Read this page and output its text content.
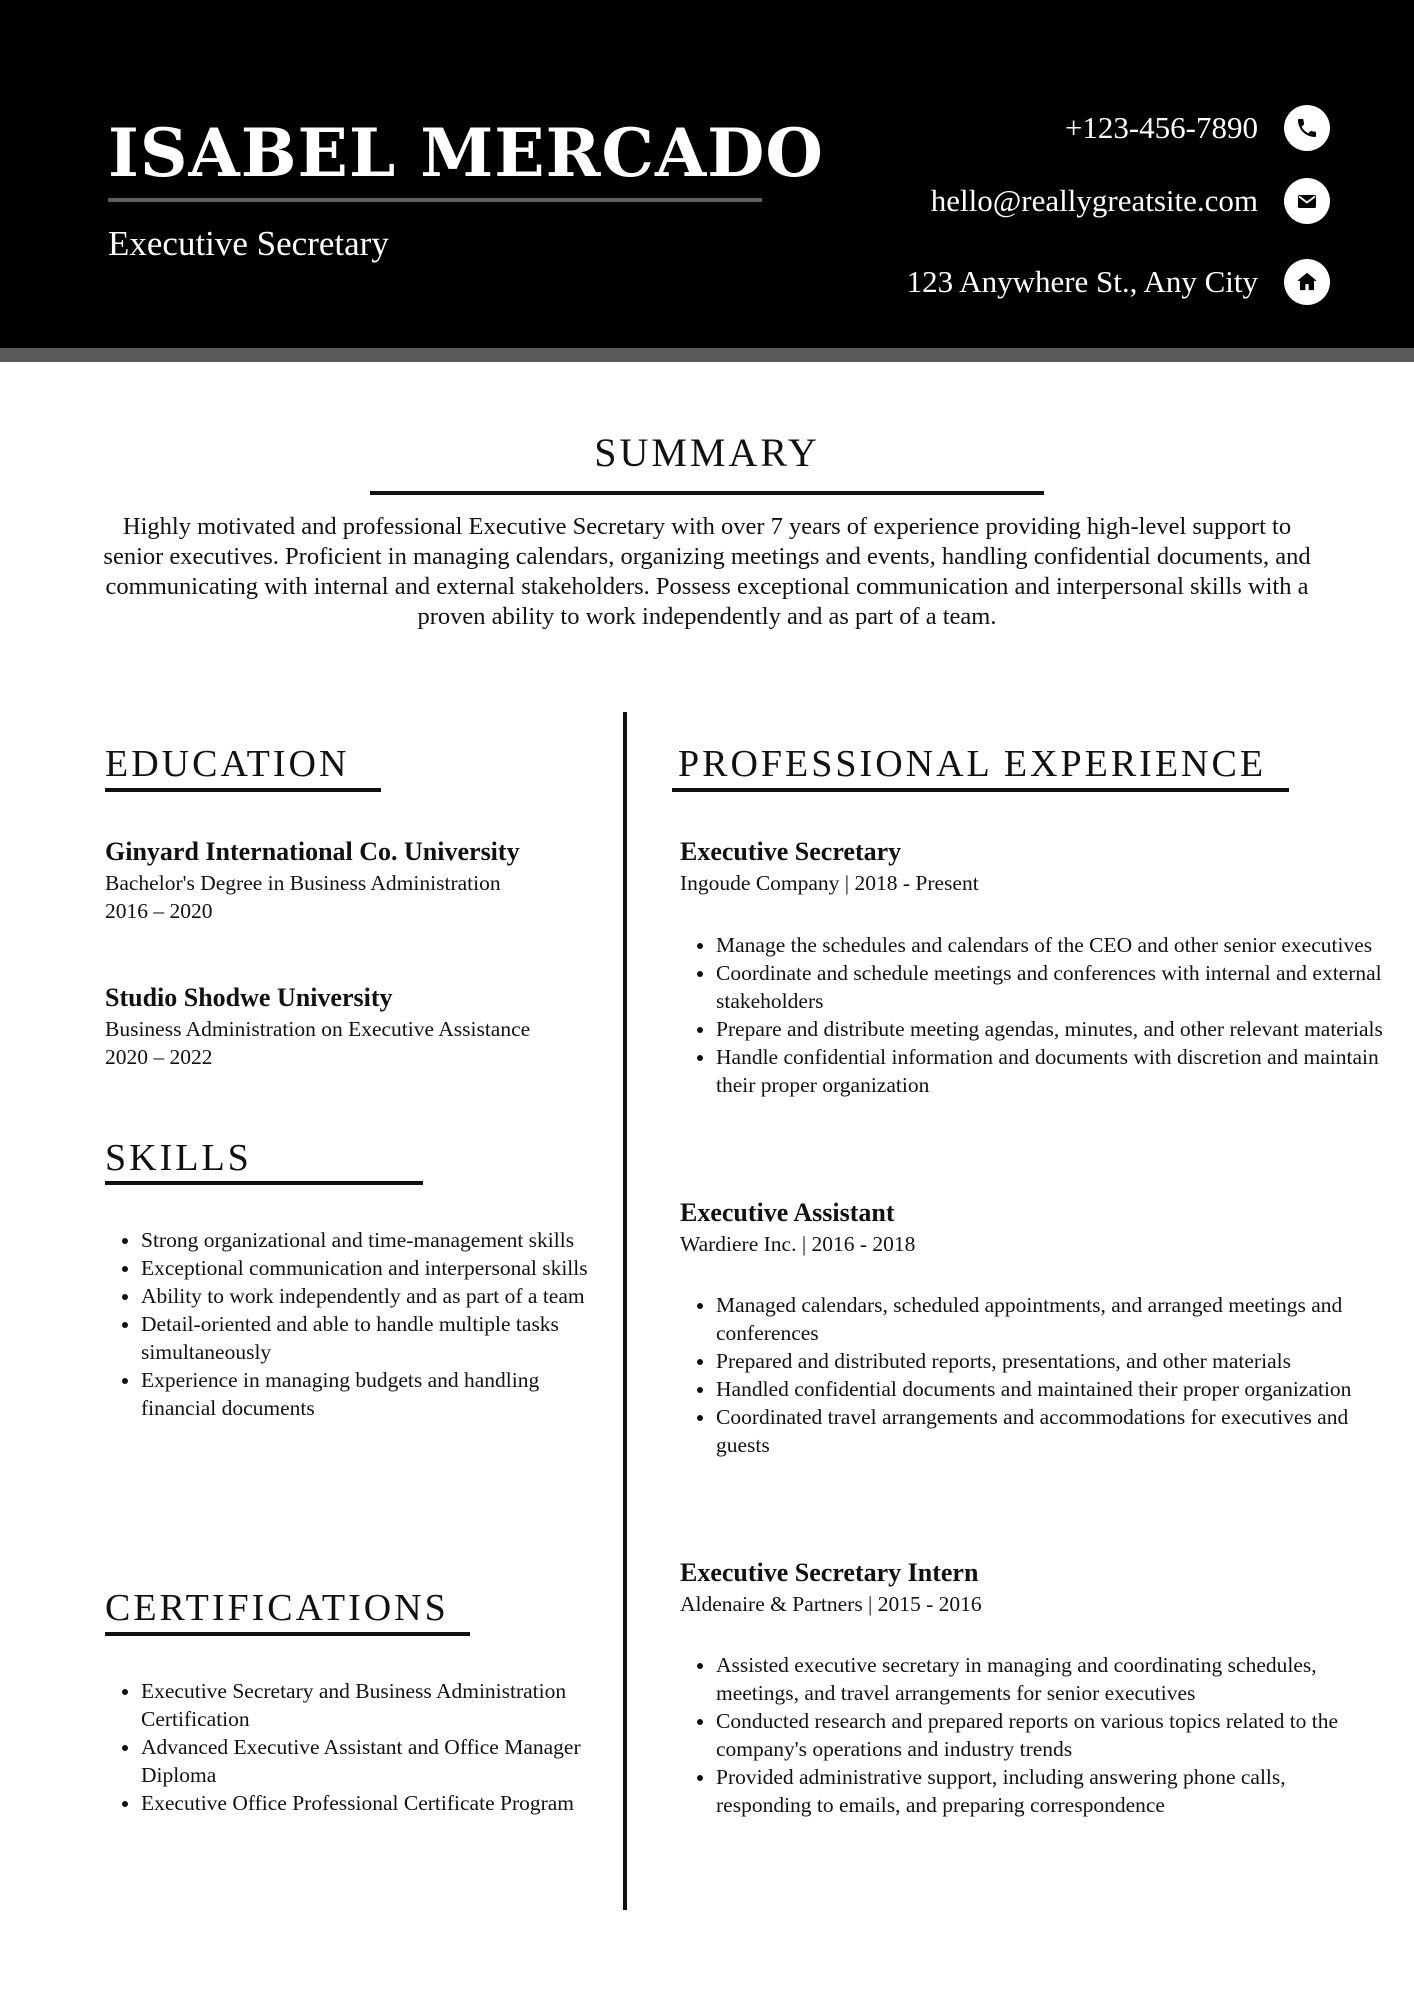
ISABEL MERCADO
Executive Secretary
+123-456-7890
hello@reallygreatsite.com
123 Anywhere St., Any City
SUMMARY

Highly motivated and professional Executive Secretary with over 7 years of experience providing high-level support to senior executives. Proficient in managing calendars, organizing meetings and events, handling confidential documents, and communicating with internal and external stakeholders. Possess exceptional communication and interpersonal skills with a proven ability to work independently and as part of a team.

EDUCATION

Ginyard International Co. University

Bachelor's Degree in Business Administration

2016 – 2020

Studio Shodwe University

Business Administration on Executive Assistance

2020 – 2022

SKILLS
• Strong organizational and time-management skills
• Exceptional communication and interpersonal skills
• Ability to work independently and as part of a team
• Detail-oriented and able to handle multiple tasks simultaneously
• Experience in managing budgets and handling financial documents
CERTIFICATIONS
• Executive Secretary and Business Administration Certification
• Advanced Executive Assistant and Office Manager Diploma
• Executive Office Professional Certificate Program
PROFESSIONAL EXPERIENCE

Executive Secretary

Ingoude Company | 2018 - Present

• Manage the schedules and calendars of the CEO and other senior executives
• Coordinate and schedule meetings and conferences with internal and external stakeholders
• Prepare and distribute meeting agendas, minutes, and other relevant materials
• Handle confidential information and documents with discretion and maintain their proper organization

Executive Assistant

Wardiere Inc. | 2016 - 2018

• Managed calendars, scheduled appointments, and arranged meetings and conferences
• Prepared and distributed reports, presentations, and other materials
• Handled confidential documents and maintained their proper organization
• Coordinated travel arrangements and accommodations for executives and guests

Executive Secretary Intern

Aldenaire & Partners | 2015 - 2016

• Assisted executive secretary in managing and coordinating schedules, meetings, and travel arrangements for senior executives
• Conducted research and prepared reports on various topics related to the company's operations and industry trends
• Provided administrative support, including answering phone calls, responding to emails, and preparing correspondence
